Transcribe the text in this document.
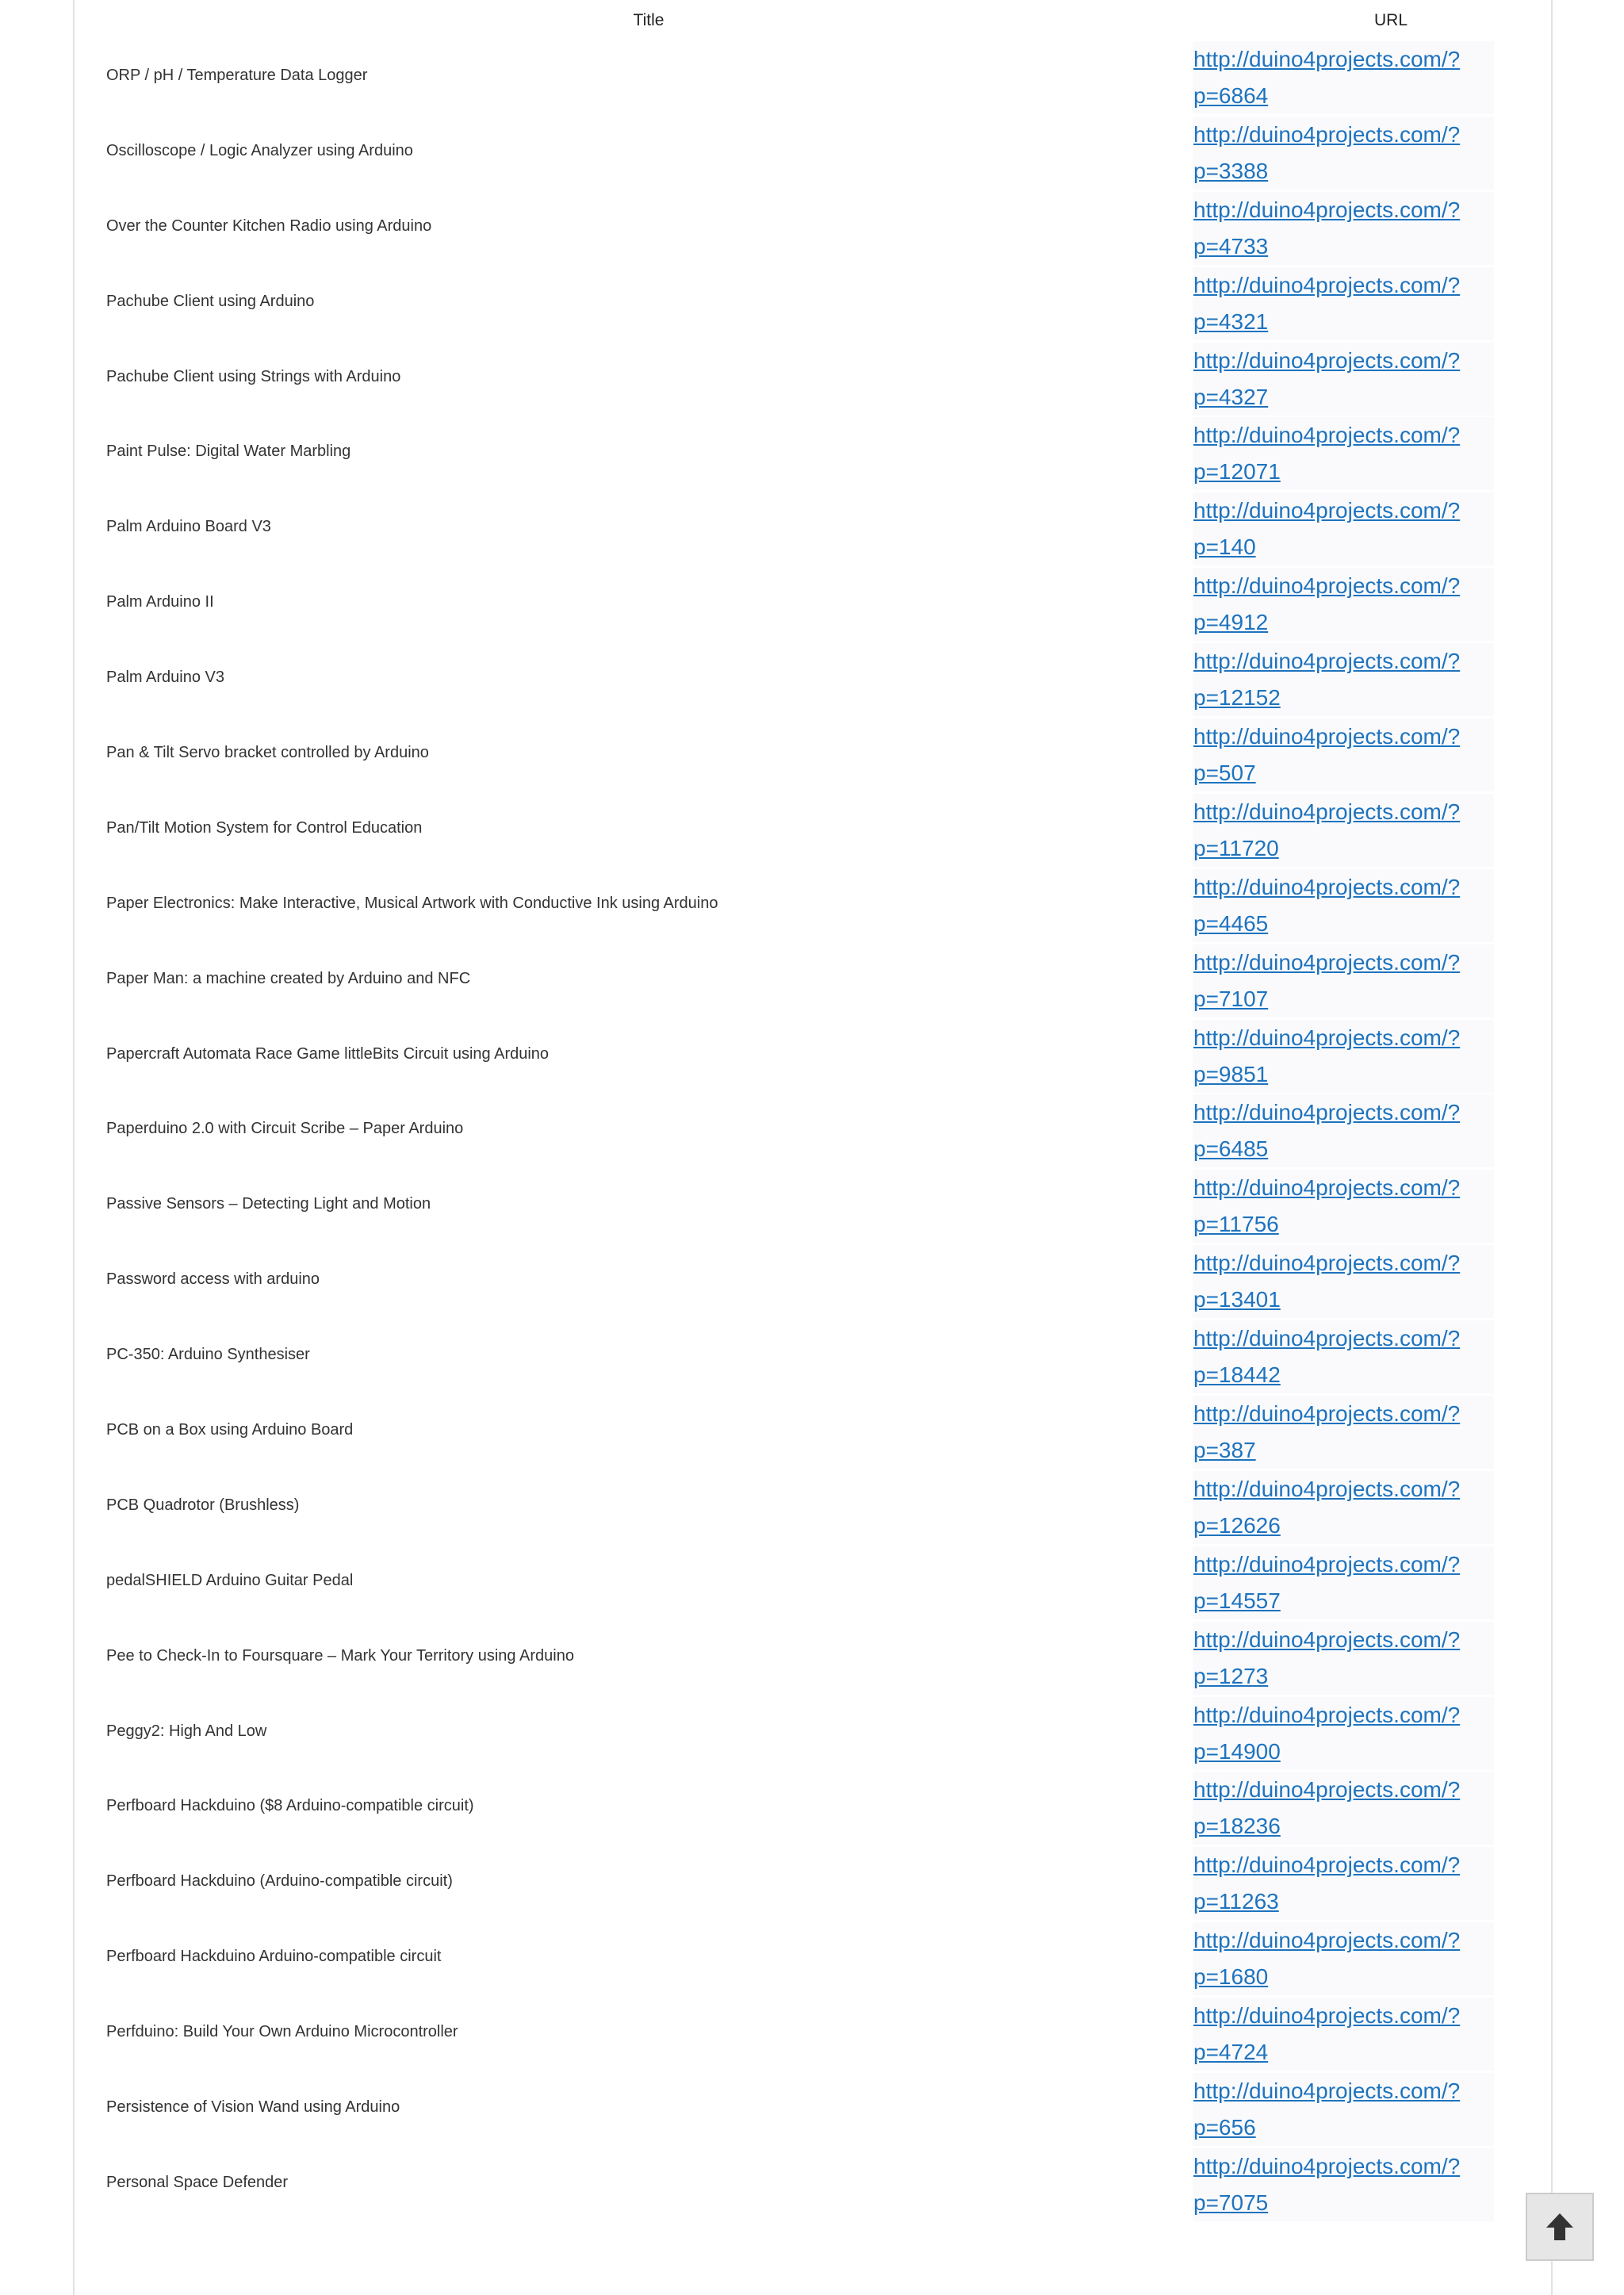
Title	URL
ORP / pH / Temperature Data Logger
http://duino4projects.com/?p=6864
Oscilloscope / Logic Analyzer using Arduino
http://duino4projects.com/?p=3388
Over the Counter Kitchen Radio using Arduino
http://duino4projects.com/?p=4733
Pachube Client using Arduino
http://duino4projects.com/?p=4321
Pachube Client using Strings with Arduino
http://duino4projects.com/?p=4327
Paint Pulse: Digital Water Marbling
http://duino4projects.com/?p=12071
Palm Arduino Board V3
http://duino4projects.com/?p=140
Palm Arduino II
http://duino4projects.com/?p=4912
Palm Arduino V3
http://duino4projects.com/?p=12152
Pan & Tilt Servo bracket controlled by Arduino
http://duino4projects.com/?p=507
Pan/Tilt Motion System for Control Education
http://duino4projects.com/?p=11720
Paper Electronics: Make Interactive, Musical Artwork with Conductive Ink using Arduino
http://duino4projects.com/?p=4465
Paper Man: a machine created by Arduino and NFC
http://duino4projects.com/?p=7107
Papercraft Automata Race Game littleBits Circuit using Arduino
http://duino4projects.com/?p=9851
Paperduino 2.0 with Circuit Scribe – Paper Arduino
http://duino4projects.com/?p=6485
Passive Sensors – Detecting Light and Motion
http://duino4projects.com/?p=11756
Password access with arduino
http://duino4projects.com/?p=13401
PC-350: Arduino Synthesiser
http://duino4projects.com/?p=18442
PCB on a Box using Arduino Board
http://duino4projects.com/?p=387
PCB Quadrotor (Brushless)
http://duino4projects.com/?p=12626
pedalSHIELD Arduino Guitar Pedal
http://duino4projects.com/?p=14557
Pee to Check-In to Foursquare – Mark Your Territory using Arduino
http://duino4projects.com/?p=1273
Peggy2: High And Low
http://duino4projects.com/?p=14900
Perfboard Hackduino ($8 Arduino-compatible circuit)
http://duino4projects.com/?p=18236
Perfboard Hackduino (Arduino-compatible circuit)
http://duino4projects.com/?p=11263
Perfboard Hackduino Arduino-compatible circuit
http://duino4projects.com/?p=1680
Perfduino: Build Your Own Arduino Microcontroller
http://duino4projects.com/?p=4724
Persistence of Vision Wand using Arduino
http://duino4projects.com/?p=656
Personal Space Defender
http://duino4projects.com/?p=7075
